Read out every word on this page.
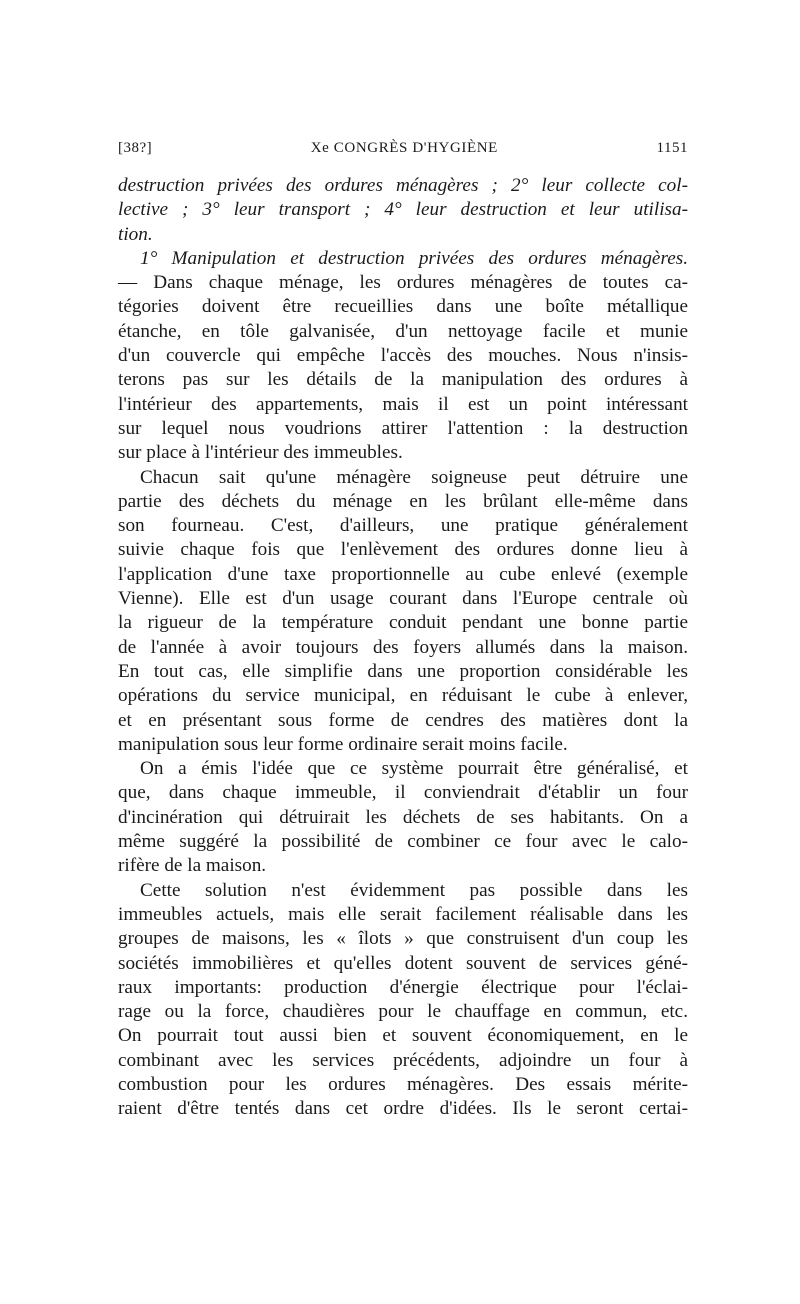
[38?]	Xe CONGRÈS D'HYGIÈNE	1151

destruction privées des ordures ménagères ; 2° leur collecte col-
lective ; 3° leur transport ; 4° leur destruction et leur utilisa-
tion.

1° Manipulation et destruction privées des ordures ménagères.
— Dans chaque ménage, les ordures ménagères de toutes ca-
tégories doivent être recueillies dans une boîte métallique
étanche, en tôle galvanisée, d'un nettoyage facile et munie
d'un couvercle qui empêche l'accès des mouches. Nous n'insis-
terons pas sur les détails de la manipulation des ordures à
l'intérieur des appartements, mais il est un point intéressant
sur lequel nous voudrions attirer l'attention : la destruction
sur place à l'intérieur des immeubles.

Chacun sait qu'une ménagère soigneuse peut détruire une
partie des déchets du ménage en les brûlant elle-même dans
son fourneau. C'est, d'ailleurs, une pratique généralement
suivie chaque fois que l'enlèvement des ordures donne lieu à
l'application d'une taxe proportionnelle au cube enlevé (exemple
Vienne). Elle est d'un usage courant dans l'Europe centrale où
la rigueur de la température conduit pendant une bonne partie
de l'année à avoir toujours des foyers allumés dans la maison.
En tout cas, elle simplifie dans une proportion considérable les
opérations du service municipal, en réduisant le cube à enlever,
et en présentant sous forme de cendres des matières dont la
manipulation sous leur forme ordinaire serait moins facile.

On a émis l'idée que ce système pourrait être généralisé, et
que, dans chaque immeuble, il conviendrait d'établir un four
d'incinération qui détruirait les déchets de ses habitants. On a
même suggéré la possibilité de combiner ce four avec le calo-
rifère de la maison.

Cette solution n'est évidemment pas possible dans les
immeubles actuels, mais elle serait facilement réalisable dans les
groupes de maisons, les « îlots » que construisent d'un coup les
sociétés immobilières et qu'elles dotent souvent de services géné-
raux importants: production d'énergie électrique pour l'éclai-
rage ou la force, chaudières pour le chauffage en commun, etc.
On pourrait tout aussi bien et souvent économiquement, en le
combinant avec les services précédents, adjoindre un four à
combustion pour les ordures ménagères. Des essais mérite-
raient d'être tentés dans cet ordre d'idées. Ils le seront certai-
